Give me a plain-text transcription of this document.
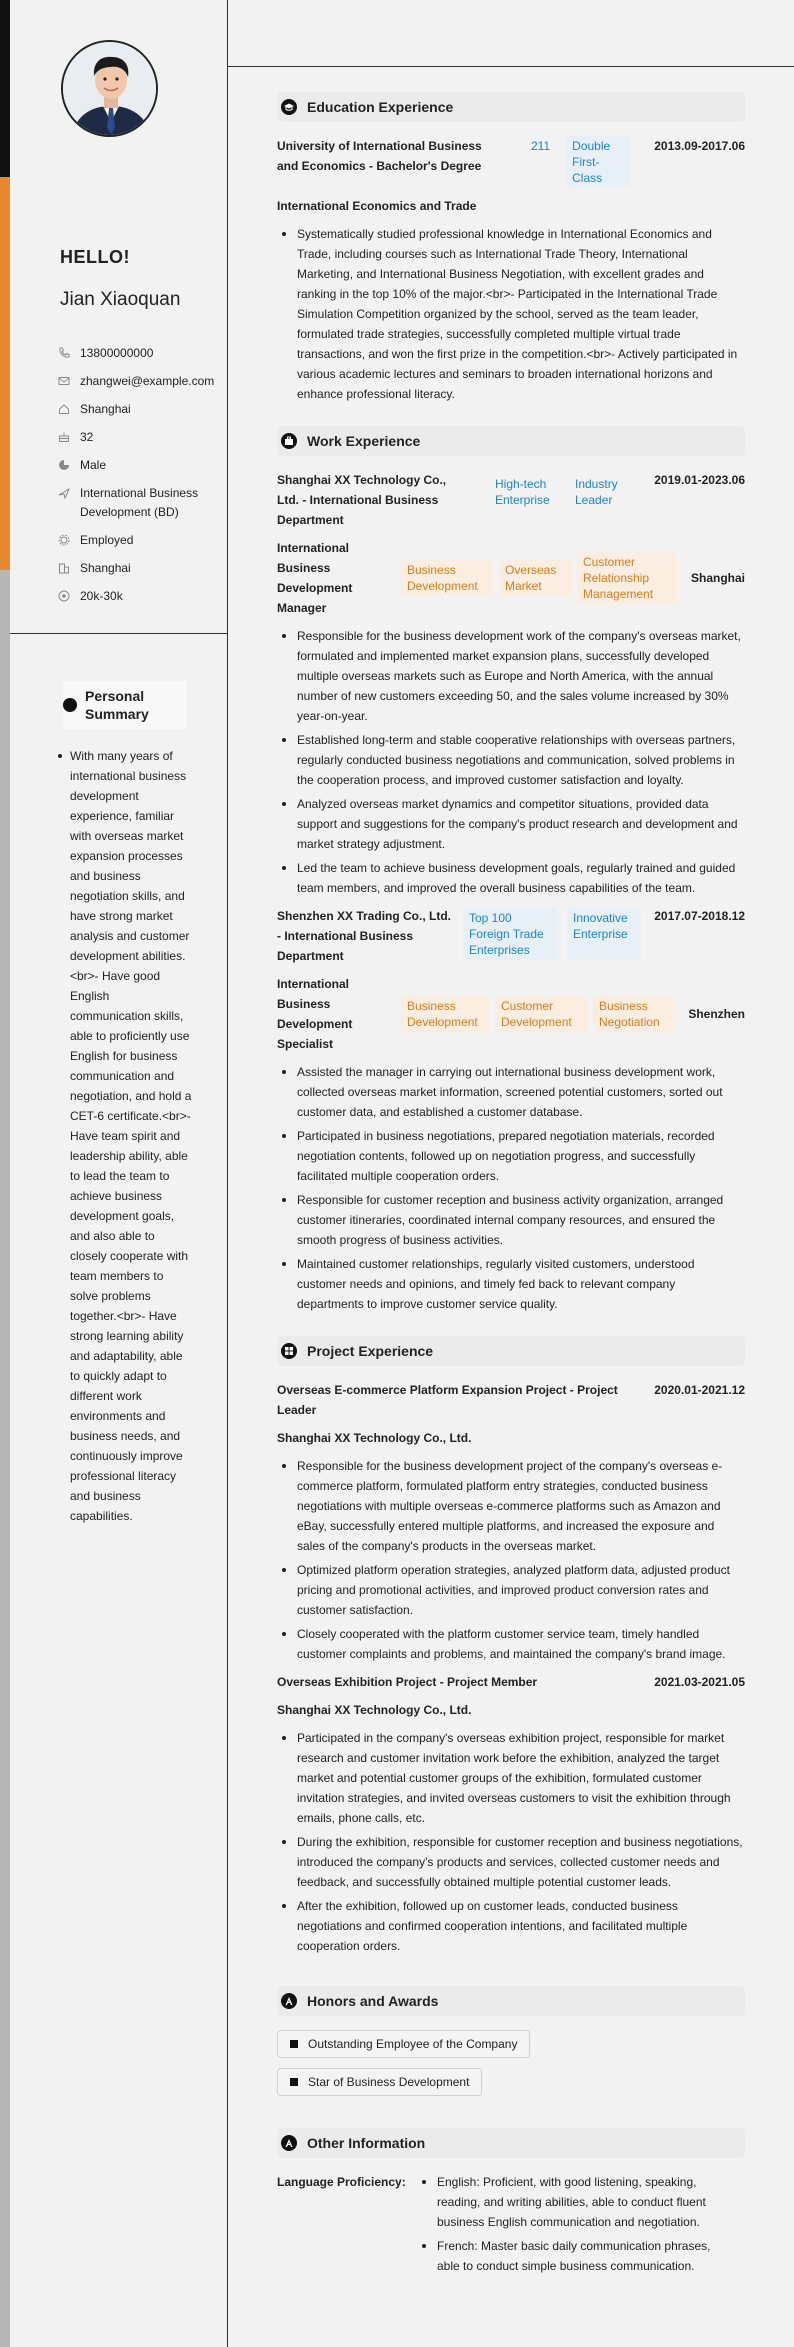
HELLO!
Jian Xiaoquan
13800000000
zhangwei@example.com
Shanghai
32
Male
International Business Development (BD)
Employed
Shanghai
20k-30k
Personal Summary
With many years of international business development experience, familiar with overseas market expansion processes and business negotiation skills, and have strong market analysis and customer development abilities.<br>- Have good English communication skills, able to proficiently use English for business communication and negotiation, and hold a CET-6 certificate.<br>- Have team spirit and leadership ability, able to lead the team to achieve business development goals, and also able to closely cooperate with team members to solve problems together.<br>- Have strong learning ability and adaptability, able to quickly adapt to different work environments and business needs, and continuously improve professional literacy and business capabilities.
Education Experience
University of International Business and Economics - Bachelor's Degree
211	Double First-Class
2013.09-2017.06
International Economics and Trade
Systematically studied professional knowledge in International Economics and Trade, including courses such as International Trade Theory, International Marketing, and International Business Negotiation, with excellent grades and ranking in the top 10% of the major.<br>- Participated in the International Trade Simulation Competition organized by the school, served as the team leader, formulated trade strategies, successfully completed multiple virtual trade transactions, and won the first prize in the competition.<br>- Actively participated in various academic lectures and seminars to broaden international horizons and enhance professional literacy.
Work Experience
Shanghai XX Technology Co., Ltd. - International Business Department
High-tech Enterprise
Industry Leader
2019.01-2023.06
International Business Development Manager
Business Development
Overseas Market
Customer Relationship Management
Shanghai
Responsible for the business development work of the company's overseas market, formulated and implemented market expansion plans, successfully developed multiple overseas markets such as Europe and North America, with the annual number of new customers exceeding 50, and the sales volume increased by 30% year-on-year.
Established long-term and stable cooperative relationships with overseas partners, regularly conducted business negotiations and communication, solved problems in the cooperation process, and improved customer satisfaction and loyalty.
Analyzed overseas market dynamics and competitor situations, provided data support and suggestions for the company's product research and development and market strategy adjustment.
Led the team to achieve business development goals, regularly trained and guided team members, and improved the overall business capabilities of the team.
Shenzhen XX Trading Co., Ltd. - International Business Department
Top 100 Foreign Trade Enterprises
Innovative Enterprise
2017.07-2018.12
International Business Development Specialist
Business Development
Customer Development
Business Negotiation
Shenzhen
Assisted the manager in carrying out international business development work, collected overseas market information, screened potential customers, sorted out customer data, and established a customer database.
Participated in business negotiations, prepared negotiation materials, recorded negotiation contents, followed up on negotiation progress, and successfully facilitated multiple cooperation orders.
Responsible for customer reception and business activity organization, arranged customer itineraries, coordinated internal company resources, and ensured the smooth progress of business activities.
Maintained customer relationships, regularly visited customers, understood customer needs and opinions, and timely fed back to relevant company departments to improve customer service quality.
Project Experience
Overseas E-commerce Platform Expansion Project - Project Leader
2020.01-2021.12
Shanghai XX Technology Co., Ltd.
Responsible for the business development project of the company's overseas e-commerce platform, formulated platform entry strategies, conducted business negotiations with multiple overseas e-commerce platforms such as Amazon and eBay, successfully entered multiple platforms, and increased the exposure and sales of the company's products in the overseas market.
Optimized platform operation strategies, analyzed platform data, adjusted product pricing and promotional activities, and improved product conversion rates and customer satisfaction.
Closely cooperated with the platform customer service team, timely handled customer complaints and problems, and maintained the company's brand image.
Overseas Exhibition Project - Project Member	2021.03-2021.05
Shanghai XX Technology Co., Ltd.
Participated in the company's overseas exhibition project, responsible for market research and customer invitation work before the exhibition, analyzed the target market and potential customer groups of the exhibition, formulated customer invitation strategies, and invited overseas customers to visit the exhibition through emails, phone calls, etc.
During the exhibition, responsible for customer reception and business negotiations, introduced the company's products and services, collected customer needs and feedback, and successfully obtained multiple potential customer leads.
After the exhibition, followed up on customer leads, conducted business negotiations and confirmed cooperation intentions, and facilitated multiple cooperation orders.
Honors and Awards
Outstanding Employee of the Company
Star of Business Development
Other Information
Language Proficiency:	English: Proficient, with good listening, speaking, reading, and writing abilities, able to conduct fluent business English communication and negotiation.
French: Master basic daily communication phrases, able to conduct simple business communication.
